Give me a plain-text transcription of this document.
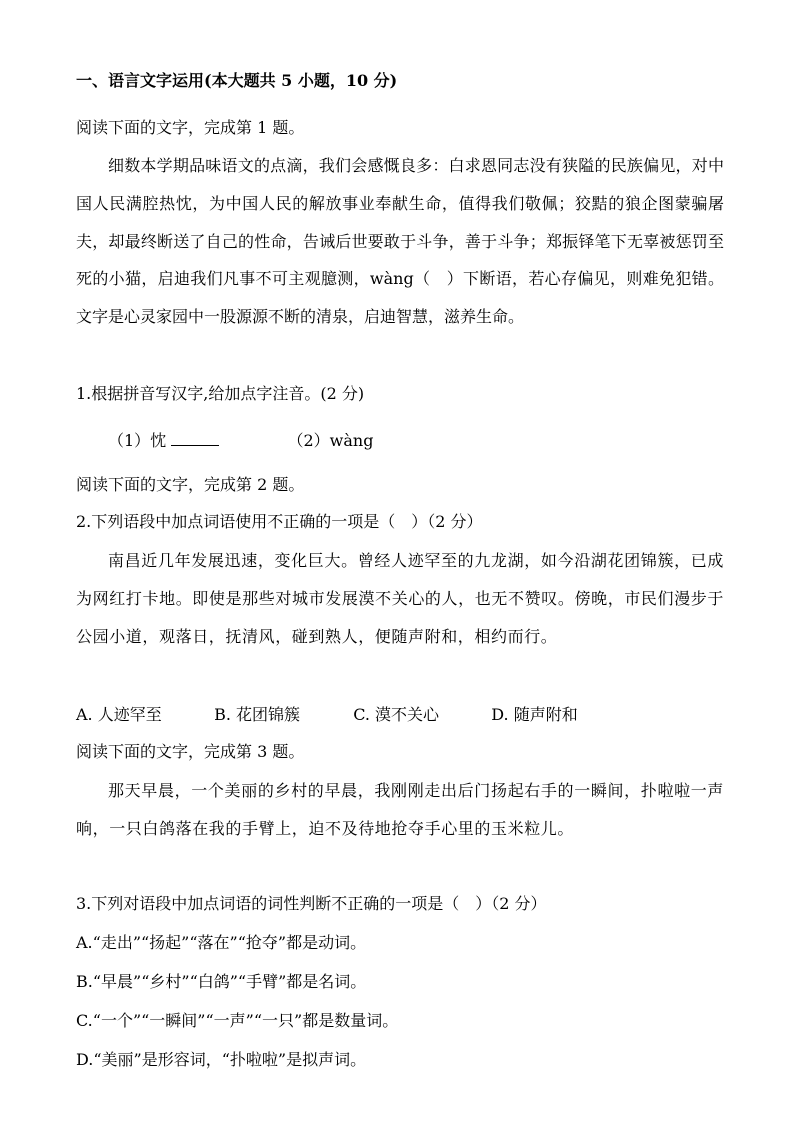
一、语言文字运用(本大题共 5 小题，10 分)
阅读下面的文字，完成第 1 题。
细数本学期品味语文的点滴，我们会感慨良多：白求恩同志没有狭隘的民族偏见，对中国人民满腔热忱，为中国人民的解放事业奉献生命，值得我们敬佩；狡黠的狼企图蒙骗屠夫，却最终断送了自己的性命，告诫后世要敢于斗争，善于斗争；郑振铎笔下无辜被惩罚至死的小猫，启迪我们凡事不可主观臆测，wàng（　）下断语，若心存偏见，则难免犯错。文字是心灵家园中一股源源不断的清泉，启迪智慧，滋养生命。
1.根据拼音写汉字,给加点字注音。(2 分)
（1）忱	（2）wàng
阅读下面的文字，完成第 2 题。
2.下列语段中加点词语使用不正确的一项是（　）（2 分）
南昌近几年发展迅速，变化巨大。曾经人迹罕至的九龙湖，如今沿湖花团锦簇，已成为网红打卡地。即使是那些对城市发展漠不关心的人，也无不赞叹。傍晚，市民们漫步于公园小道，观落日，抚清风，碰到熟人，便随声附和，相约而行。
A. 人迹罕至	B. 花团锦簇	C. 漠不关心	D. 随声附和
阅读下面的文字，完成第 3 题。
那天早晨，一个美丽的乡村的早晨，我刚刚走出后门扬起右手的一瞬间，扑啦啦一声响，一只白鸽落在我的手臂上，迫不及待地抢夺手心里的玉米粒儿。
3.下列对语段中加点词语的词性判断不正确的一项是（　）（2 分）
A.“走出”“扬起”“落在”“抢夺”都是动词。
B.“早晨”“乡村”“白鸽”“手臂”都是名词。
C.“一个”“一瞬间”“一声”“一只”都是数量词。
D.“美丽”是形容词，“扑啦啦”是拟声词。
